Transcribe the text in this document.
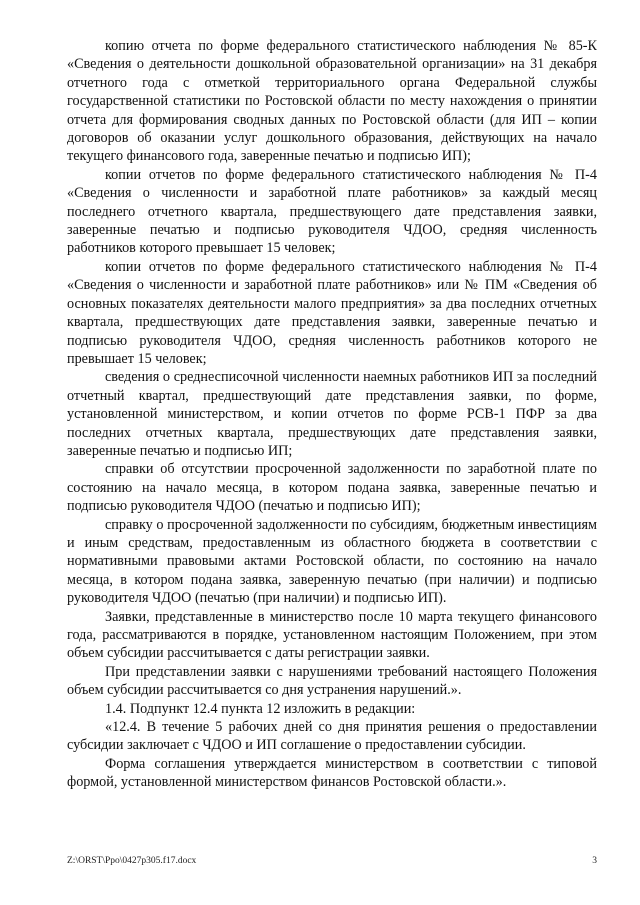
копию отчета по форме федерального статистического наблюдения № 85-К «Сведения о деятельности дошкольной образовательной организации» на 31 декабря отчетного года с отметкой территориального органа Федеральной службы государственной статистики по Ростовской области по месту нахождения о принятии отчета для формирования сводных данных по Ростовской области (для ИП – копии договоров об оказании услуг дошкольного образования, действующих на начало текущего финансового года, заверенные печатью и подписью ИП);

копии отчетов по форме федерального статистического наблюдения № П-4 «Сведения о численности и заработной плате работников» за каждый месяц последнего отчетного квартала, предшествующего дате представления заявки, заверенные печатью и подписью руководителя ЧДОО, средняя численность работников которого превышает 15 человек;

копии отчетов по форме федерального статистического наблюдения № П-4 «Сведения о численности и заработной плате работников» или № ПМ «Сведения об основных показателях деятельности малого предприятия» за два последних отчетных квартала, предшествующих дате представления заявки, заверенные печатью и подписью руководителя ЧДОО, средняя численность работников которого не превышает 15 человек;

сведения о среднесписочной численности наемных работников ИП за последний отчетный квартал, предшествующий дате представления заявки, по форме, установленной министерством, и копии отчетов по форме РСВ-1 ПФР за два последних отчетных квартала, предшествующих дате представления заявки, заверенные печатью и подписью ИП;

справки об отсутствии просроченной задолженности по заработной плате по состоянию на начало месяца, в котором подана заявка, заверенные печатью и подписью руководителя ЧДОО (печатью и подписью ИП);

справку о просроченной задолженности по субсидиям, бюджетным инвестициям и иным средствам, предоставленным из областного бюджета в соответствии с нормативными правовыми актами Ростовской области, по состоянию на начало месяца, в котором подана заявка, заверенную печатью (при наличии) и подписью руководителя ЧДОО (печатью (при наличии) и подписью ИП).

Заявки, представленные в министерство после 10 марта текущего финансового года, рассматриваются в порядке, установленном настоящим Положением, при этом объем субсидии рассчитывается с даты регистрации заявки.

При представлении заявки с нарушениями требований настоящего Положения объем субсидии рассчитывается со дня устранения нарушений.».

1.4. Подпункт 12.4 пункта 12 изложить в редакции:

«12.4. В течение 5 рабочих дней со дня принятия решения о предоставлении субсидии заключает с ЧДОО и ИП соглашение о предоставлении субсидии.

Форма соглашения утверждается министерством в соответствии с типовой формой, установленной министерством финансов Ростовской области.».

Z:\ORST\Ppo\0427p305.f17.docx	3
